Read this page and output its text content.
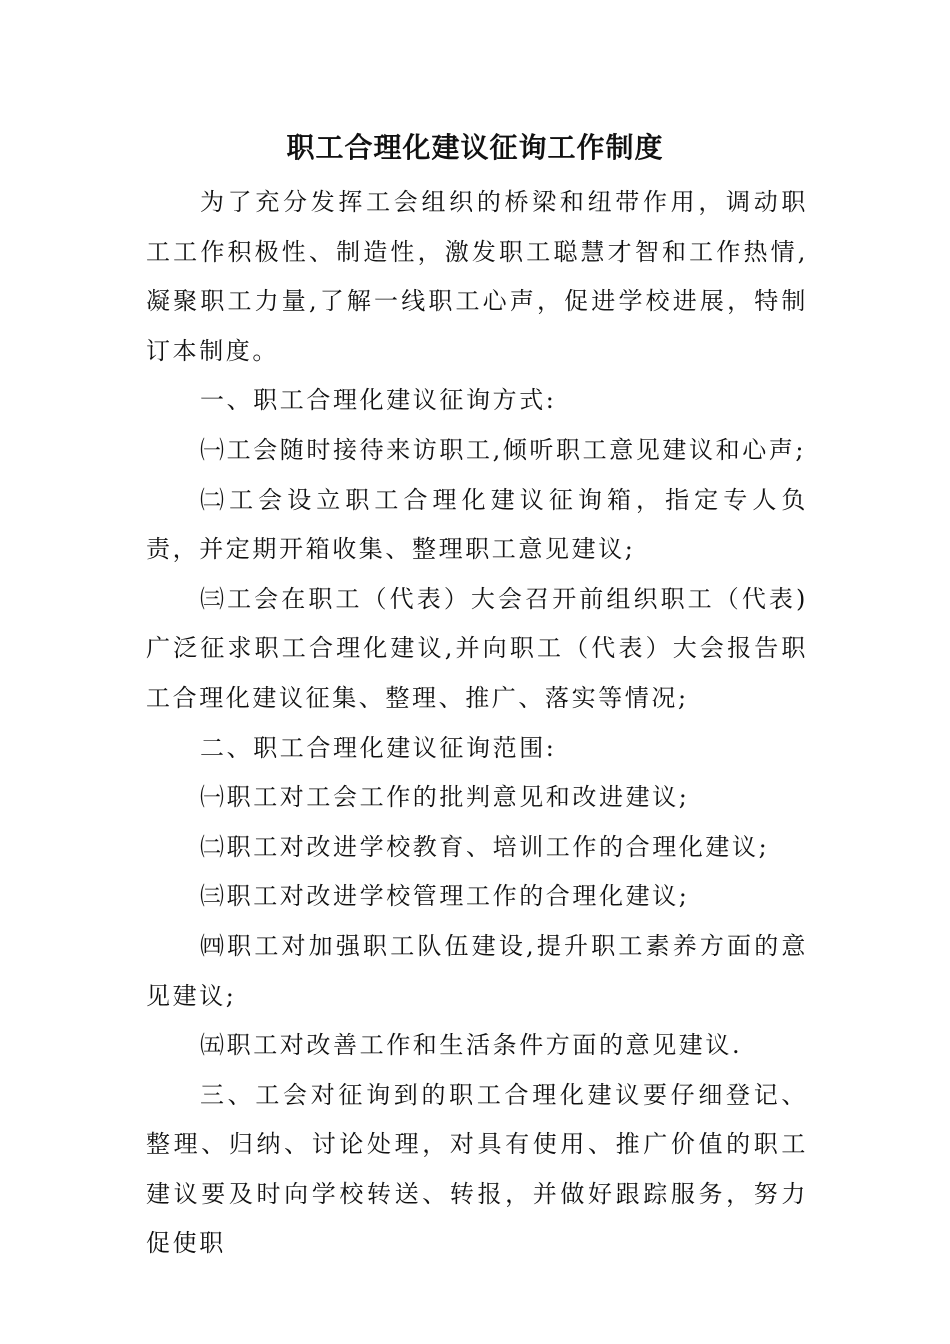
职工合理化建议征询工作制度

为了充分发挥工会组织的桥梁和纽带作用，调动职工工作积极性、制造性，激发职工聪慧才智和工作热情,凝聚职工力量,了解一线职工心声，促进学校进展，特制订本制度。

一、职工合理化建议征询方式:

㈠工会随时接待来访职工,倾听职工意见建议和心声;

㈡工会设立职工合理化建议征询箱，指定专人负责，并定期开箱收集、整理职工意见建议;

㈢工会在职工（代表）大会召开前组织职工（代表)广泛征求职工合理化建议,并向职工（代表）大会报告职工合理化建议征集、整理、推广、落实等情况;

二、职工合理化建议征询范围:

㈠职工对工会工作的批判意见和改进建议;

㈡职工对改进学校教育、培训工作的合理化建议;

㈢职工对改进学校管理工作的合理化建议;

㈣职工对加强职工队伍建设,提升职工素养方面的意见建议;

㈤职工对改善工作和生活条件方面的意见建议.

三、工会对征询到的职工合理化建议要仔细登记、整理、归纳、讨论处理，对具有使用、推广价值的职工建议要及时向学校转送、转报，并做好跟踪服务，努力促使职
